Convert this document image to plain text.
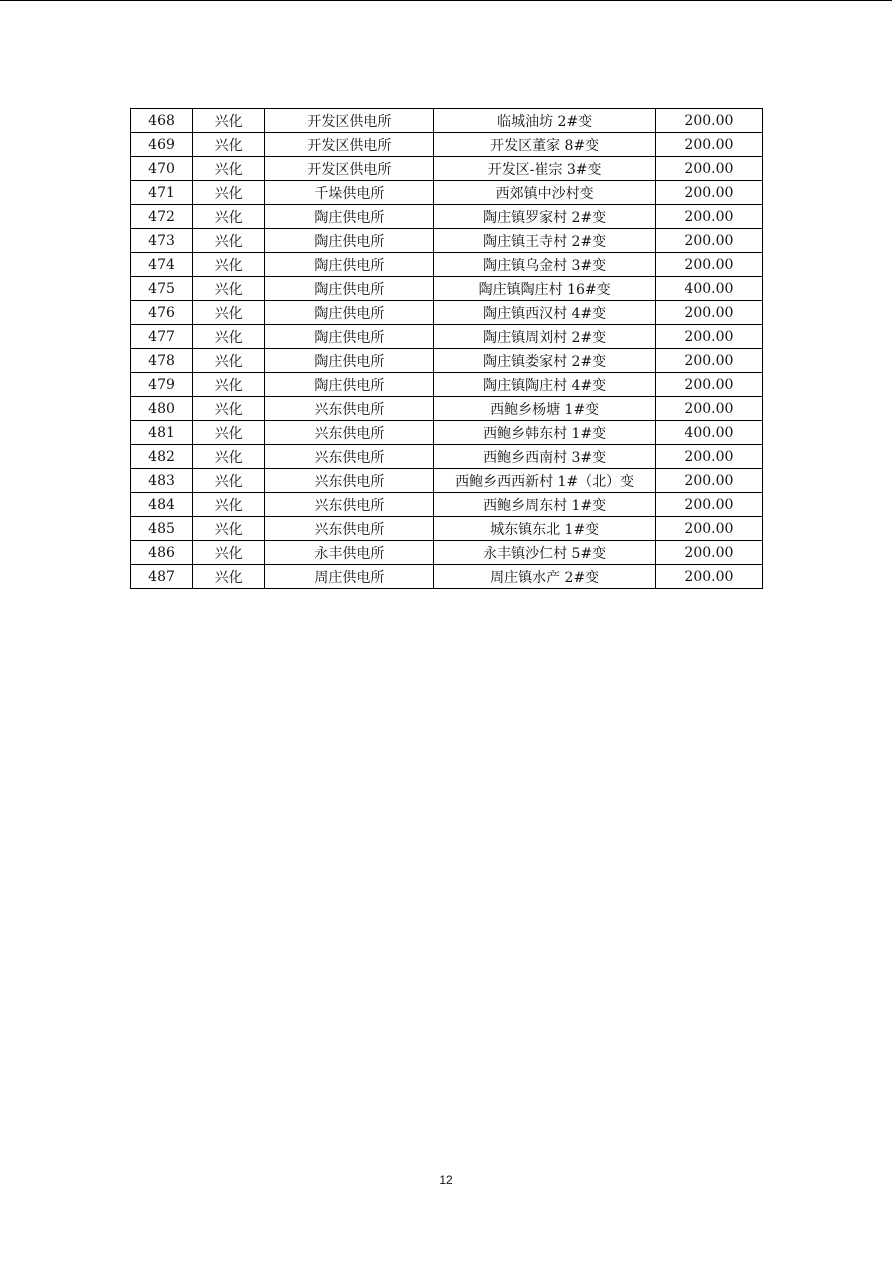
468	兴化	开发区供电所	临城油坊 2#变	200.00
469	兴化	开发区供电所	开发区董家 8#变	200.00
470	兴化	开发区供电所	开发区-崔宗 3#变	200.00
471	兴化	千垛供电所	西郊镇中沙村变	200.00
472	兴化	陶庄供电所	陶庄镇罗家村 2#变	200.00
473	兴化	陶庄供电所	陶庄镇王寺村 2#变	200.00
474	兴化	陶庄供电所	陶庄镇乌金村 3#变	200.00
475	兴化	陶庄供电所	陶庄镇陶庄村 16#变	400.00
476	兴化	陶庄供电所	陶庄镇西汉村 4#变	200.00
477	兴化	陶庄供电所	陶庄镇周刘村 2#变	200.00
478	兴化	陶庄供电所	陶庄镇娄家村 2#变	200.00
479	兴化	陶庄供电所	陶庄镇陶庄村 4#变	200.00
480	兴化	兴东供电所	西鲍乡杨塘 1#变	200.00
481	兴化	兴东供电所	西鲍乡韩东村 1#变	400.00
482	兴化	兴东供电所	西鲍乡西南村 3#变	200.00
483	兴化	兴东供电所	西鲍乡西西新村 1#（北）变	200.00
484	兴化	兴东供电所	西鲍乡周东村 1#变	200.00
485	兴化	兴东供电所	城东镇东北 1#变	200.00
486	兴化	永丰供电所	永丰镇沙仁村 5#变	200.00
487	兴化	周庄供电所	周庄镇水产 2#变	200.00
12
